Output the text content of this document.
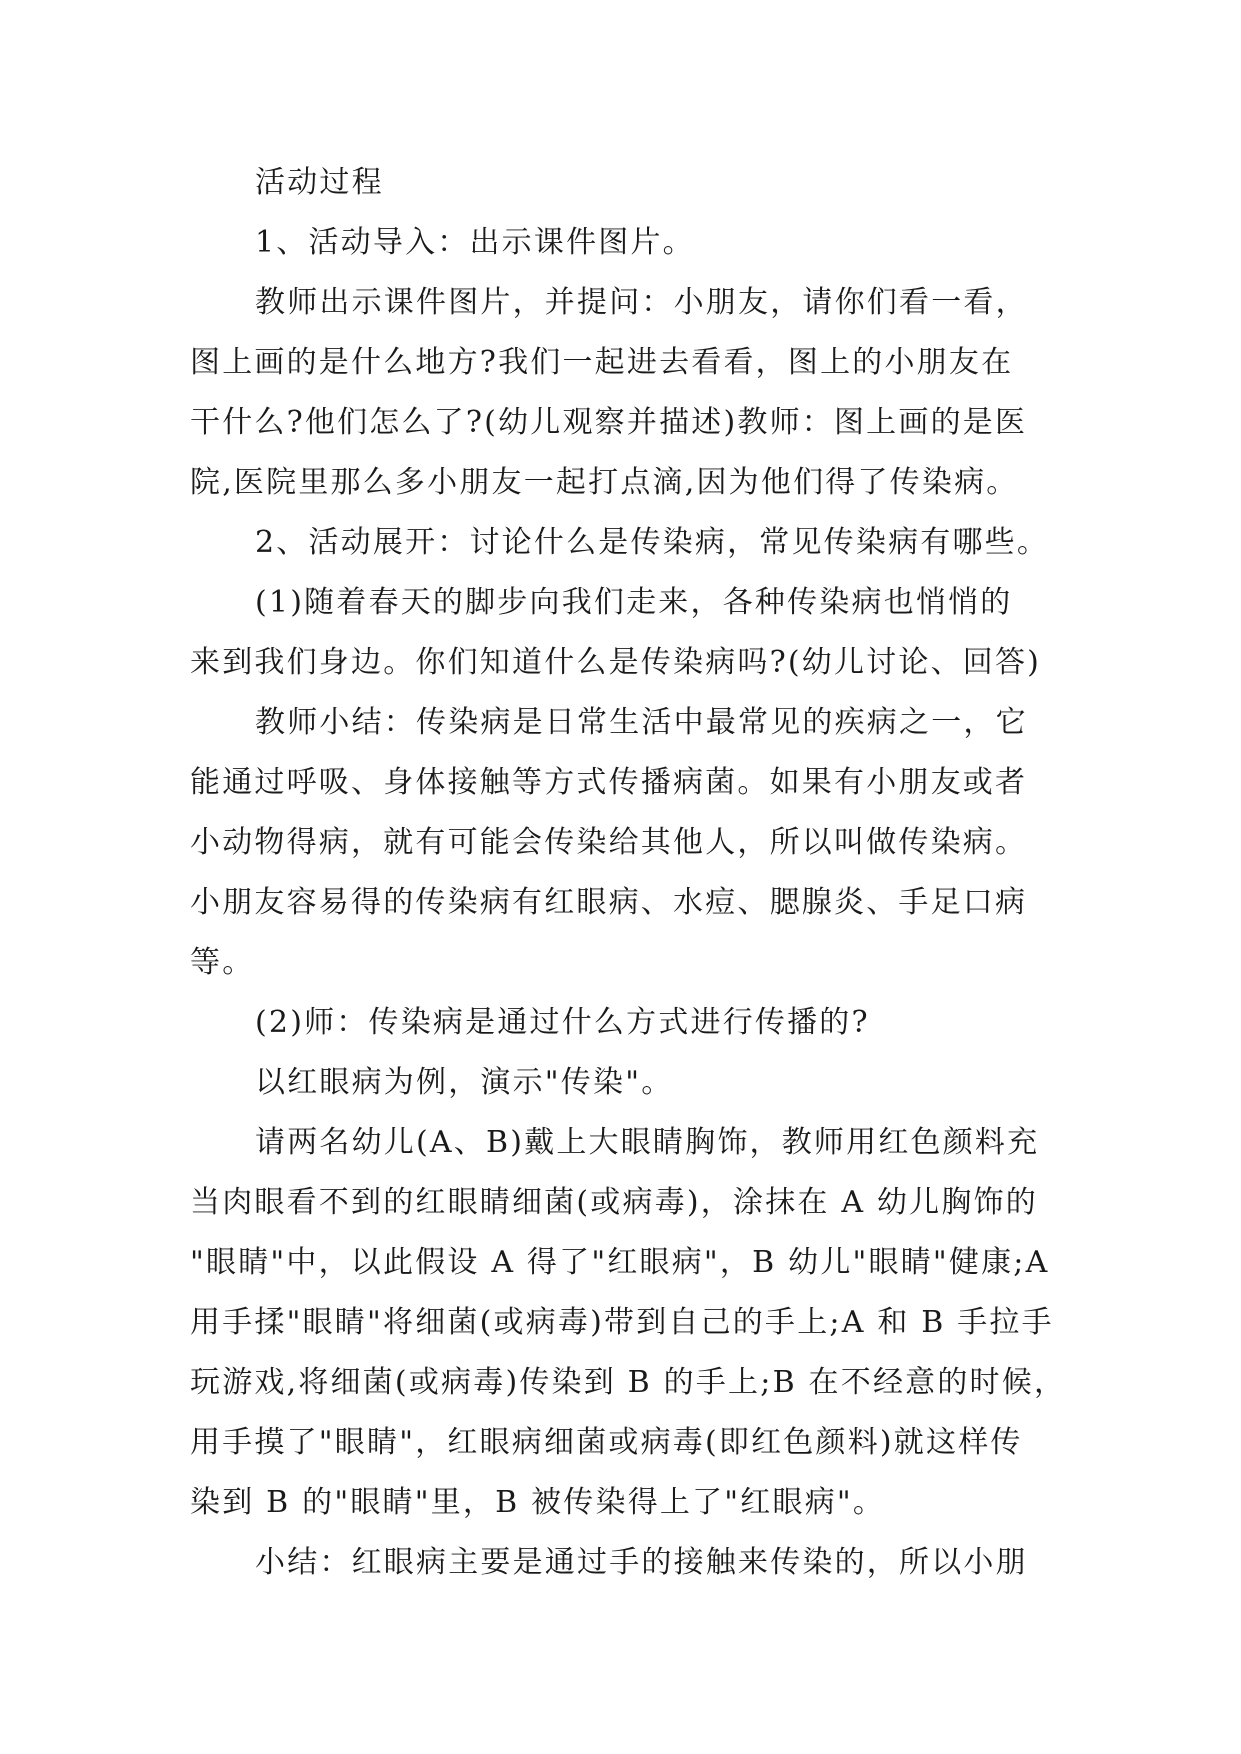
活动过程
1、活动导入：出示课件图片。
教师出示课件图片，并提问：小朋友，请你们看一看，
图上画的是什么地方?我们一起进去看看，图上的小朋友在
干什么?他们怎么了?(幼儿观察并描述)教师：图上画的是医
院,医院里那么多小朋友一起打点滴,因为他们得了传染病。
2、活动展开：讨论什么是传染病，常见传染病有哪些。
(1)随着春天的脚步向我们走来，各种传染病也悄悄的
来到我们身边。你们知道什么是传染病吗?(幼儿讨论、回答)
教师小结：传染病是日常生活中最常见的疾病之一，它
能通过呼吸、身体接触等方式传播病菌。如果有小朋友或者
小动物得病，就有可能会传染给其他人，所以叫做传染病。
小朋友容易得的传染病有红眼病、水痘、腮腺炎、手足口病
等。
(2)师：传染病是通过什么方式进行传播的?
以红眼病为例，演示"传染"。
请两名幼儿(A、B)戴上大眼睛胸饰，教师用红色颜料充
当肉眼看不到的红眼睛细菌(或病毒)，涂抹在 A 幼儿胸饰的
"眼睛"中，以此假设 A 得了"红眼病"，B 幼儿"眼睛"健康;A
用手揉"眼睛"将细菌(或病毒)带到自己的手上;A 和 B 手拉手
玩游戏,将细菌(或病毒)传染到 B 的手上;B 在不经意的时候，
用手摸了"眼睛"，红眼病细菌或病毒(即红色颜料)就这样传
染到 B 的"眼睛"里，B 被传染得上了"红眼病"。
小结：红眼病主要是通过手的接触来传染的，所以小朋
